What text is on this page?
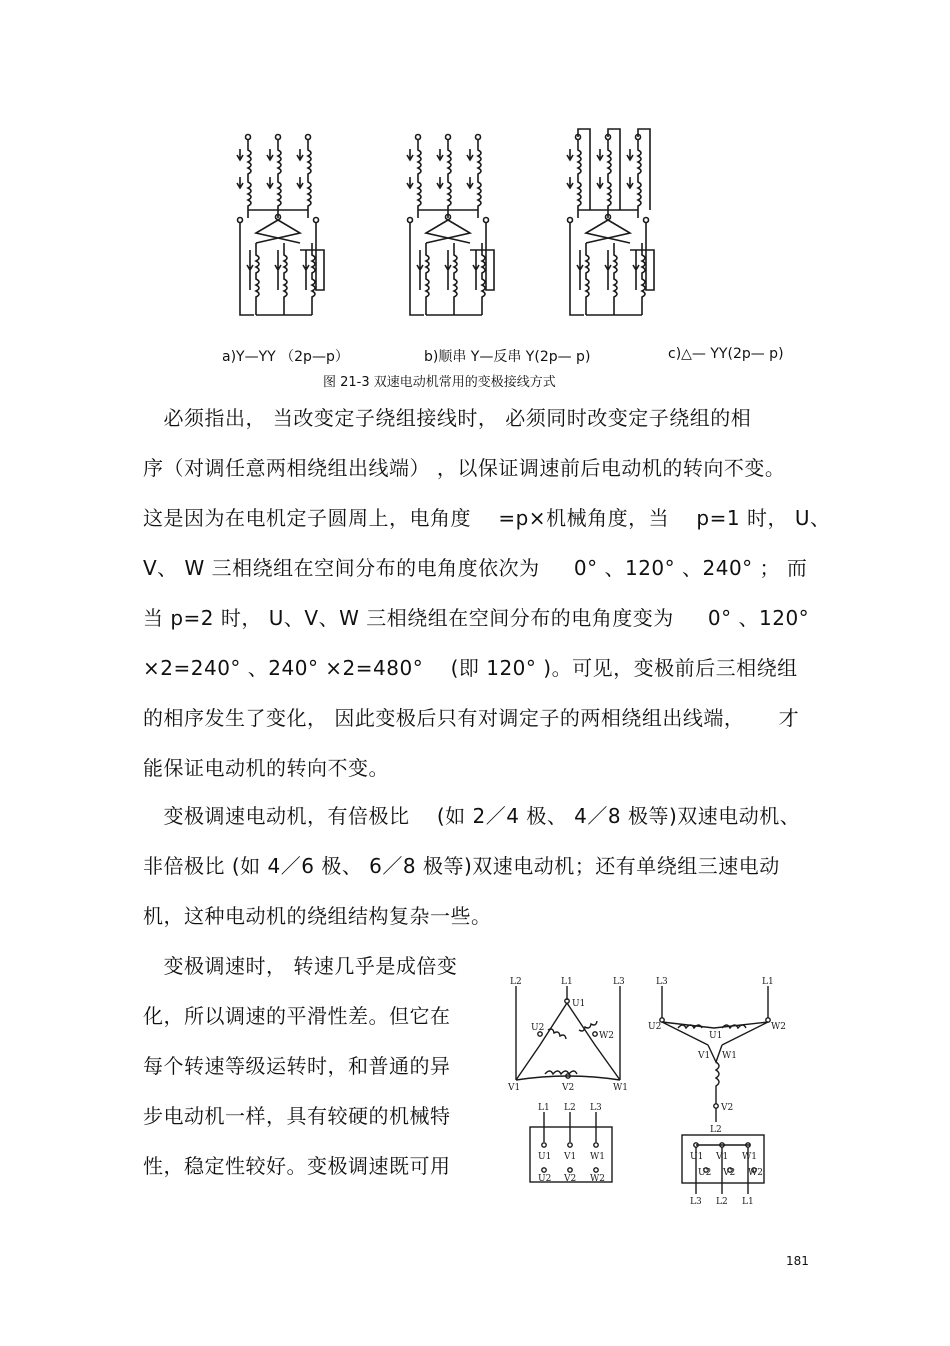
a)Y—YY （2p—p）	b)顺串 Y—反串 Y(2p— p)	c)△— YY(2p— p)
图 21-3 双速电动机常用的变极接线方式
　必须指出， 当改变定子绕组接线时， 必须同时改变定子绕组的相
序（对调任意两相绕组出线端） ，以保证调速前后电动机的转向不变。
这是因为在电机定子圆周上，电角度 　=p×机械角度，当 　p=1 时， U、
V、 W 三相绕组在空间分布的电角度依次为 　 0° 、120° 、240° ； 而
当 p=2 时， U、V、W 三相绕组在空间分布的电角度变为 　 0° 、120°
×2=240° 、240° ×2=480° 　(即 120° )。可见，变极前后三相绕组
的相序发生了变化， 因此变极后只有对调定子的两相绕组出线端， 　 才
能保证电动机的转向不变。
　变极调速电动机，有倍极比 　(如 2／4 极、 4／8 极等)双速电动机、
非倍极比 (如 4／6 极、 6／8 极等)双速电动机；还有单绕组三速电动
机，这种电动机的绕组结构复杂一些。
　变极调速时， 转速几乎是成倍变
化，所以调速的平滑性差。但它在
每个转速等级运转时，和普通的异
步电动机一样，具有较硬的机械特
性，稳定性较好。变极调速既可用
L2	L1	L3
U1
U2
W2
V1	V2	W1
L1 L2 L3
U1 V1 W1
U2 V2 W2
L3	L1
U2
U1
W2
V1 W1
V2
L2
U1 V1 W1
U2 V2 W2
L3 L2 L1
181
